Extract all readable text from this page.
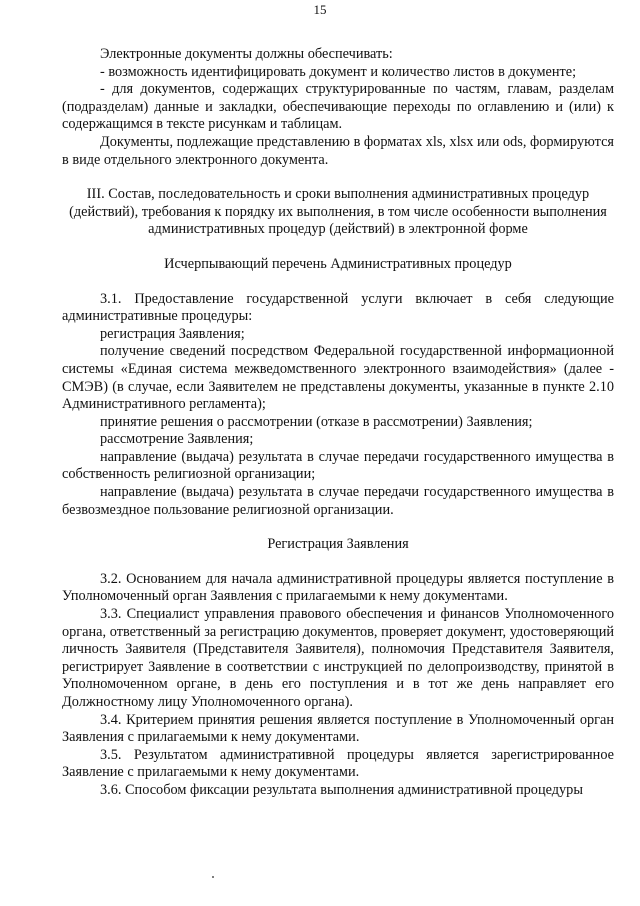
15

Электронные документы должны обеспечивать:

- возможность идентифицировать документ и количество листов в документе;

- для документов, содержащих структурированные по частям, главам, разделам (подразделам) данные и закладки, обеспечивающие переходы по оглавлению и (или) к содержащимся в тексте рисункам и таблицам.

Документы, подлежащие представлению в форматах xls, xlsx или ods, формируются в виде отдельного электронного документа.

III. Состав, последовательность и сроки выполнения административных процедур (действий), требования к порядку их выполнения, в том числе особенности выполнения административных процедур (действий) в электронной форме

Исчерпывающий перечень Административных процедур

3.1. Предоставление государственной услуги включает в себя следующие административные процедуры:

регистрация Заявления;

получение сведений посредством Федеральной государственной информационной системы «Единая система межведомственного электронного взаимодействия» (далее - СМЭВ) (в случае, если Заявителем не представлены документы, указанные в пункте 2.10 Административного регламента);

принятие решения о рассмотрении (отказе в рассмотрении) Заявления;

рассмотрение Заявления;

направление (выдача) результата в случае передачи государственного имущества в собственность религиозной организации;

направление (выдача) результата в случае передачи государственного имущества в безвозмездное пользование религиозной организации.

Регистрация Заявления

3.2. Основанием для начала административной процедуры является поступление в Уполномоченный орган Заявления с прилагаемыми к нему документами.

3.3. Специалист управления правового обеспечения и финансов Уполномоченного органа, ответственный за регистрацию документов, проверяет документ, удостоверяющий личность Заявителя (Представителя Заявителя), полномочия Представителя Заявителя, регистрирует Заявление в соответствии с инструкцией по делопроизводству, принятой в Уполномоченном органе, в день его поступления и в тот же день направляет его Должностному лицу Уполномоченного органа).

3.4. Критерием принятия решения является поступление в Уполномоченный орган Заявления с прилагаемыми к нему документами.

3.5. Результатом административной процедуры является зарегистрированное Заявление с прилагаемыми к нему документами.

3.6. Способом фиксации результата выполнения административной процедуры
